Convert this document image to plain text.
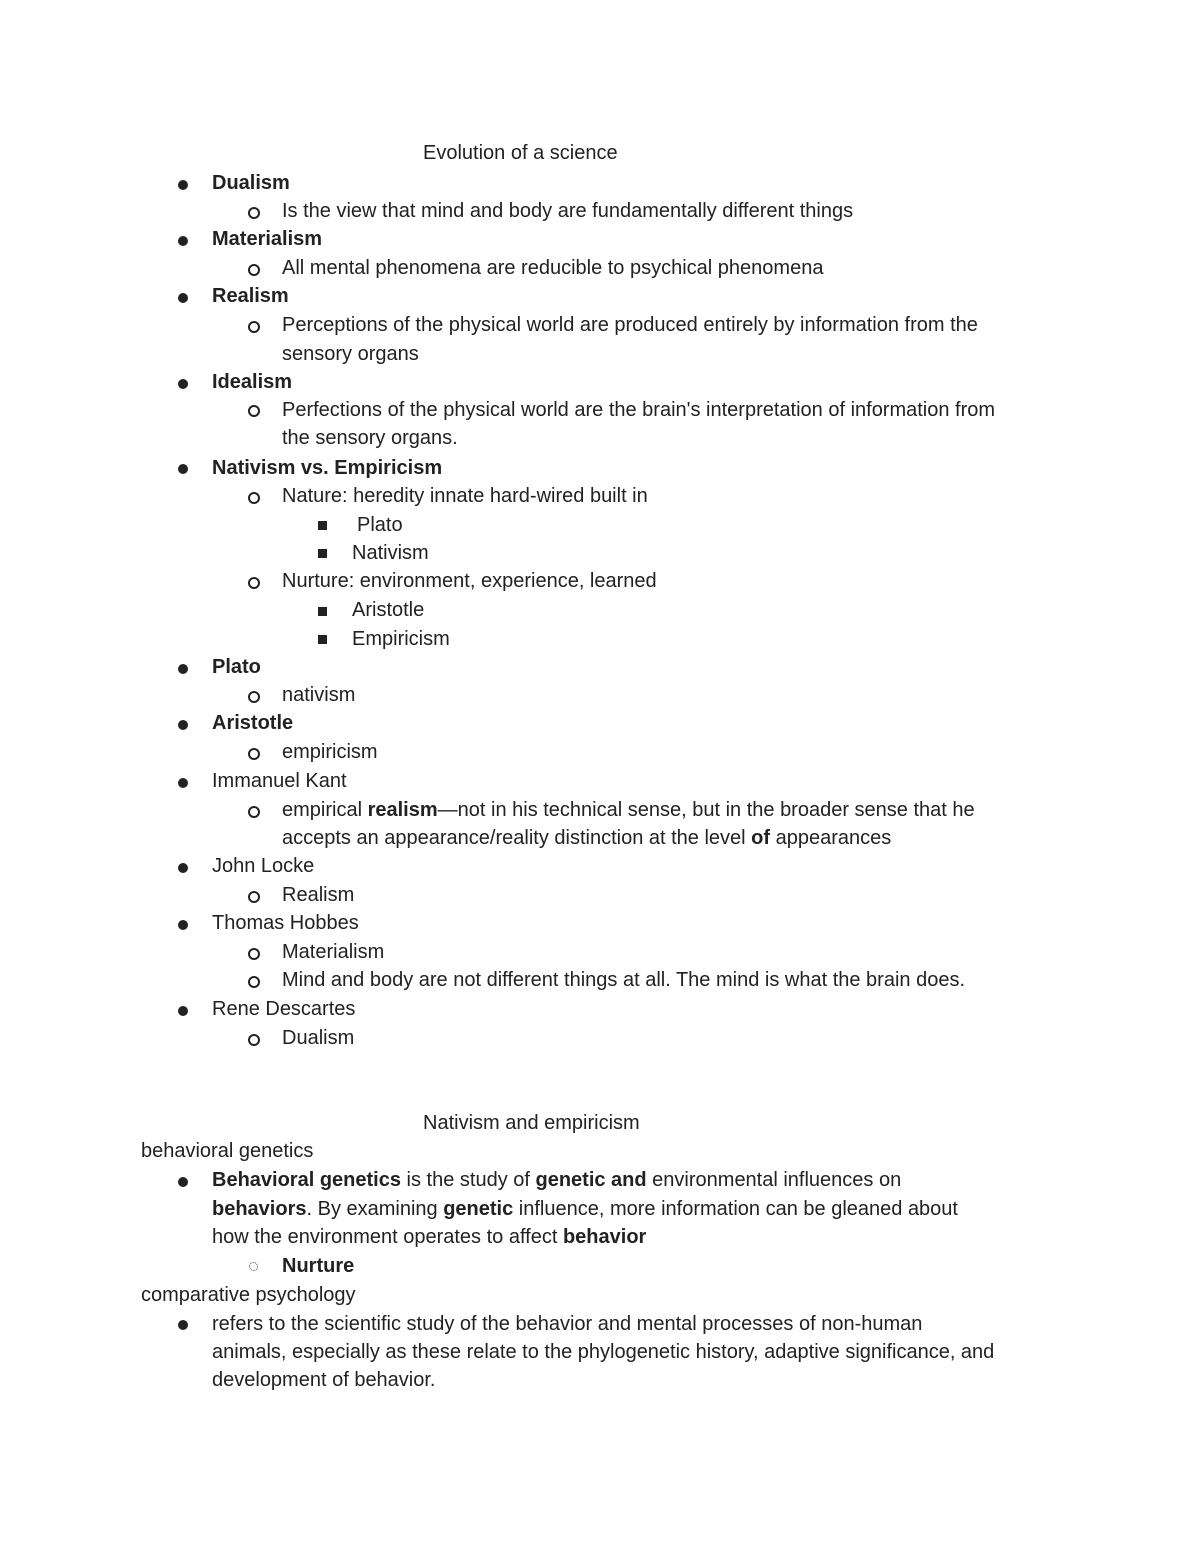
Evolution of a science
Dualism
Is the view that mind and body are fundamentally different things
Materialism
All mental phenomena are reducible to psychical phenomena
Realism
Perceptions of the physical world are produced entirely by information from the
sensory organs
Idealism
Perfections of the physical world are the brain's interpretation of information from
the sensory organs.
Nativism vs. Empiricism
Nature: heredity innate hard-wired built in
Plato
Nativism
Nurture: environment, experience, learned
Aristotle
Empiricism
Plato
nativism
Aristotle
empiricism
Immanuel Kant
empirical realism—not in his technical sense, but in the broader sense that he
accepts an appearance/reality distinction at the level of appearances
John Locke
Realism
Thomas Hobbes
Materialism
Mind and body are not different things at all. The mind is what the brain does.
Rene Descartes
Dualism
Nativism and empiricism
behavioral genetics
Behavioral genetics is the study of genetic and environmental influences on
behaviors. By examining genetic influence, more information can be gleaned about
how the environment operates to affect behavior
Nurture
comparative psychology
refers to the scientific study of the behavior and mental processes of non-human
animals, especially as these relate to the phylogenetic history, adaptive significance, and
development of behavior.
